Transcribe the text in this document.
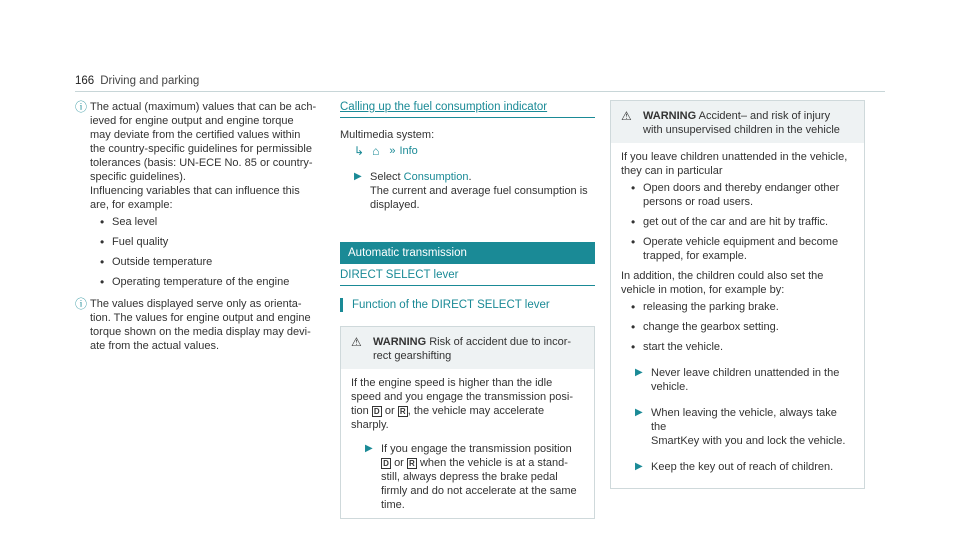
166 Driving and parking
ⓘ The actual (maximum) values that can be ach-
ieved for engine output and engine torque
may deviate from the certified values within
the country-specific guidelines for permissible
tolerances (basis: UN-ECE No. 85 or country-
specific guidelines).
Influencing variables that can influence this
are, for example:
• Sea level
• Fuel quality
• Outside temperature
• Operating temperature of the engine
ⓘ The values displayed serve only as orienta-
tion. The values for engine output and engine
torque shown on the media display may devi-
ate from the actual values.
Calling up the fuel consumption indicator
Multimedia system:
↳ ⌂ » Info
▶ Select Consumption.
The current and average fuel consumption is
displayed.
Automatic transmission
DIRECT SELECT lever
Function of the DIRECT SELECT lever
⚠	WARNING Risk of accident due to incor-
rect gearshifting
If the engine speed is higher than the idle
speed and you engage the transmission posi-
tion D or R , the vehicle may accelerate
sharply.
▶ If you engage the transmission position
D or R when the vehicle is at a stand-
still, always depress the brake pedal
firmly and do not accelerate at the same
time.
⚠	WARNING Accident– and risk of injury
with unsupervised children in the vehicle
If you leave children unattended in the vehicle,
they can in particular
• Open doors and thereby endanger other
persons or road users.
• get out of the car and are hit by traffic.
• Operate vehicle equipment and become
trapped, for example.
In addition, the children could also set the
vehicle in motion, for example by:
• releasing the parking brake.
• change the gearbox setting.
• start the vehicle.
▶ Never leave children unattended in the
vehicle.
▶ When leaving the vehicle, always take the
SmartKey with you and lock the vehicle.
▶ Keep the key out of reach of children.
